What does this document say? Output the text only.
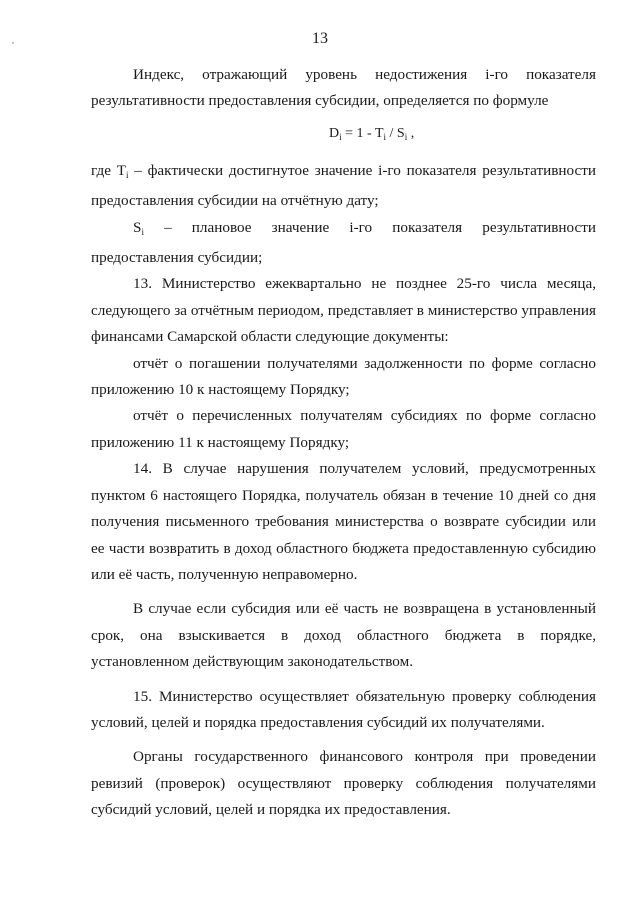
13

Индекс, отражающий уровень недостижения i-го показателя результативности предоставления субсидии, определяется по формуле

$D_i = 1 - T_i / S_i$ ,

где $T_i$ – фактически достигнутое значение i-го показателя результативности предоставления субсидии на отчётную дату;

$S_i$ – плановое значение i-го показателя результативности предоставления субсидии;

13. Министерство ежеквартально не позднее 25-го числа месяца, следующего за отчётным периодом, представляет в министерство управления финансами Самарской области следующие документы:

отчёт о погашении получателями задолженности по форме согласно приложению 10 к настоящему Порядку;

отчёт о перечисленных получателям субсидиях по форме согласно приложению 11 к настоящему Порядку;

14. В случае нарушения получателем условий, предусмотренных пунктом 6 настоящего Порядка, получатель обязан в течение 10 дней со дня получения письменного требования министерства о возврате субсидии или ее части возвратить в доход областного бюджета предоставленную субсидию или её часть, полученную неправомерно.

В случае если субсидия или её часть не возвращена в установленный срок, она взыскивается в доход областного бюджета в порядке, установленном действующим законодательством.

15. Министерство осуществляет обязательную проверку соблюдения условий, целей и порядка предоставления субсидий их получателями.

Органы государственного финансового контроля при проведении ревизий (проверок) осуществляют проверку соблюдения получателями субсидий условий, целей и порядка их предоставления.
